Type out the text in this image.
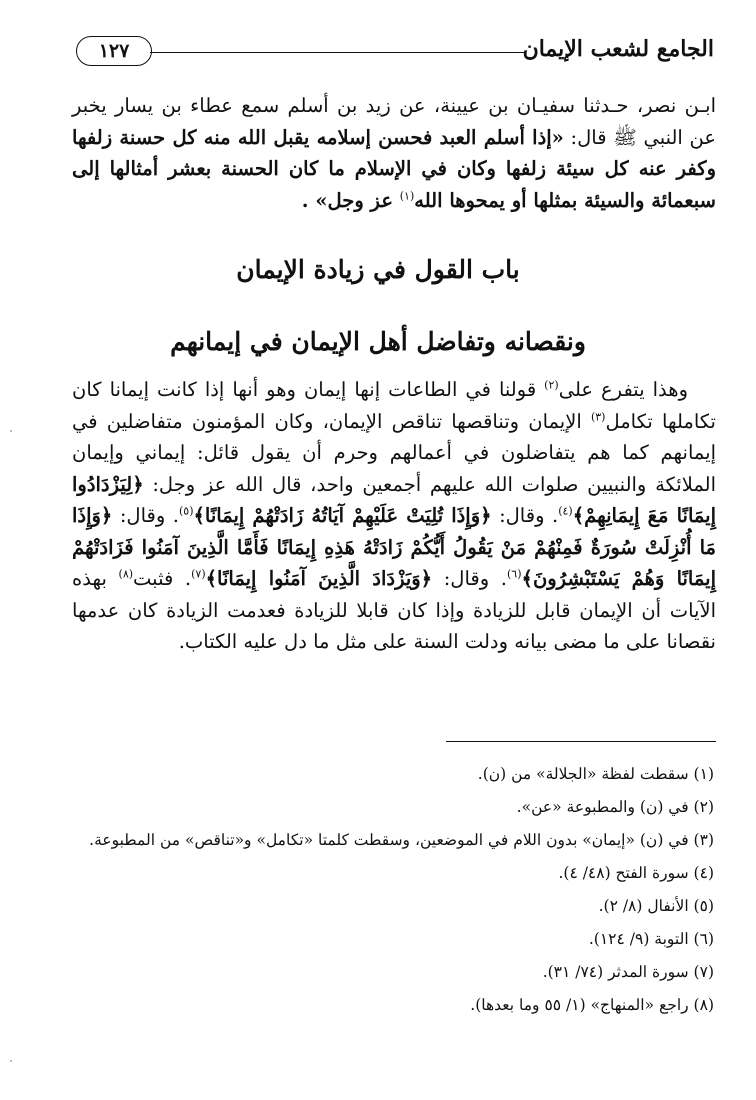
الجامع لشعب الإيمان
١٢٧
ابـن نصر، حـدثنا سفيـان بن عيينة، عن زيد بن أسلم سمع عطاء بن يسار يخبر عن النبي ﷺ قال: «إذا أسلم العبد فحسن إسلامه يقبل الله منه كل حسنة زلفها وكفر عنه كل سيئة زلفها وكان في الإسلام ما كان الحسنة بعشر أمثالها إلى سبعمائة والسيئة بمثلها أو يمحوها الله$^{(١)}$ عز وجل» .
باب القول في زيادة الإيمان
ونقصانه وتفاضل أهل الإيمان في إيمانهم
وهذا يتفرع على$^{(٢)}$ قولنا في الطاعات إنها إيمان وهو أنها إذا كانت إيمانا كان تكاملها تكامل$^{(٣)}$ الإيمان وتناقصها تناقص الإيمان، وكان المؤمنون متفاضلين في إيمانهم كما هم يتفاضلون في أعمالهم وحرم أن يقول قائل: إيماني وإيمان الملائكة والنبيين صلوات الله عليهم أجمعين واحد، قال الله عز وجل: ﴿لِيَزْدَادُوا إِيمَانًا مَعَ إِيمَانِهِمْ﴾$^{(٤)}$. وقال: ﴿وَإِذَا تُلِيَتْ عَلَيْهِمْ آيَاتُهُ زَادَتْهُمْ إِيمَانًا﴾$^{(٥)}$. وقال: ﴿وَإِذَا مَا أُنْزِلَتْ سُورَةٌ فَمِنْهُمْ مَنْ يَقُولُ أَيُّكُمْ زَادَتْهُ هَذِهِ إِيمَانًا فَأَمَّا الَّذِينَ آمَنُوا فَزَادَتْهُمْ إِيمَانًا وَهُمْ يَسْتَبْشِرُونَ﴾$^{(٦)}$. وقال: ﴿وَيَزْدَادَ الَّذِينَ آمَنُوا إِيمَانًا﴾$^{(٧)}$. فثبت$^{(٨)}$ بهذه الآيات أن الإيمان قابل للزيادة وإذا كان قابلا للزيادة فعدمت الزيادة كان عدمها نقصانا على ما مضى بيانه ودلت السنة على مثل ما دل عليه الكتاب.
(١) سقطت لفظة «الجلالة» من (ن).
(٢) في (ن) والمطبوعة «عن».
(٣) في (ن) «إيمان» بدون اللام في الموضعين، وسقطت كلمتا «تكامل» و«تناقص» من المطبوعة.
(٤) سورة الفتح (٤٨/ ٤).
(٥) الأنفال (٨/ ٢).
(٦) التوبة (٩/ ١٢٤).
(٧) سورة المدثر (٧٤/ ٣١).
(٨) راجع «المنهاج» (١/ ٥٥ وما بعدها).
